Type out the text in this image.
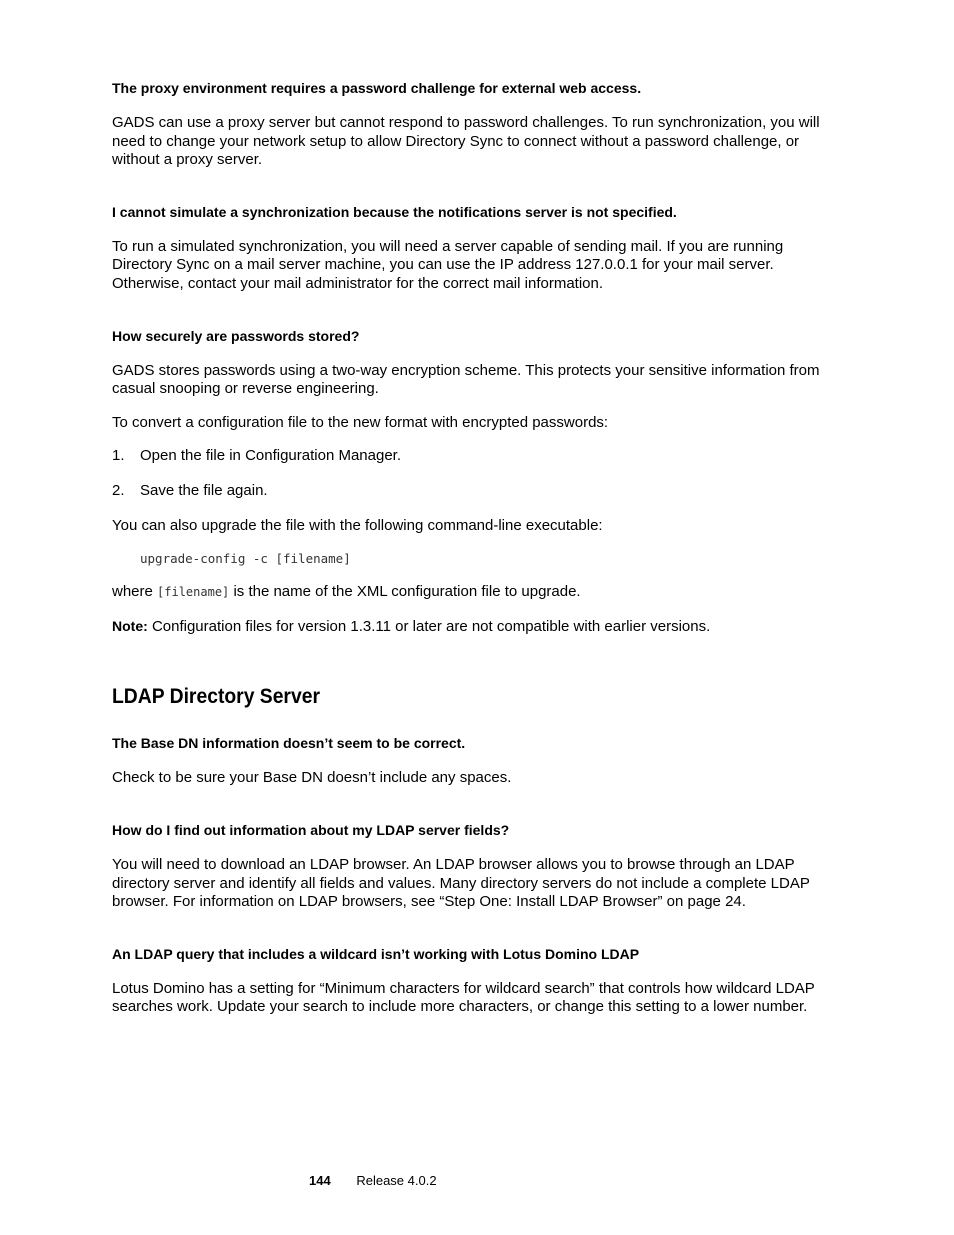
The proxy environment requires a password challenge for external web access.

GADS can use a proxy server but cannot respond to password challenges. To run synchronization, you will need to change your network setup to allow Directory Sync to connect without a password challenge, or without a proxy server.

I cannot simulate a synchronization because the notifications server is not specified.

To run a simulated synchronization, you will need a server capable of sending mail. If you are running Directory Sync on a mail server machine, you can use the IP address 127.0.0.1 for your mail server. Otherwise, contact your mail administrator for the correct mail information.

How securely are passwords stored?

GADS stores passwords using a two-way encryption scheme. This protects your sensitive information from casual snooping or reverse engineering.

To convert a configuration file to the new format with encrypted passwords:

1.	Open the file in Configuration Manager.
2.	Save the file again.

You can also upgrade the file with the following command-line executable:

upgrade-config -c [filename]

where [filename] is the name of the XML configuration file to upgrade.

Note: Configuration files for version 1.3.11 or later are not compatible with earlier versions.

LDAP Directory Server
The Base DN information doesn’t seem to be correct.

Check to be sure your Base DN doesn’t include any spaces.

How do I find out information about my LDAP server fields?

You will need to download an LDAP browser. An LDAP browser allows you to browse through an LDAP directory server and identify all fields and values. Many directory servers do not include a complete LDAP browser. For information on LDAP browsers, see “Step One: Install LDAP Browser” on page 24.

An LDAP query that includes a wildcard isn’t working with Lotus Domino LDAP

Lotus Domino has a setting for “Minimum characters for wildcard search” that controls how wildcard LDAP searches work. Update your search to include more characters, or change this setting to a lower number.

144 Release 4.0.2
